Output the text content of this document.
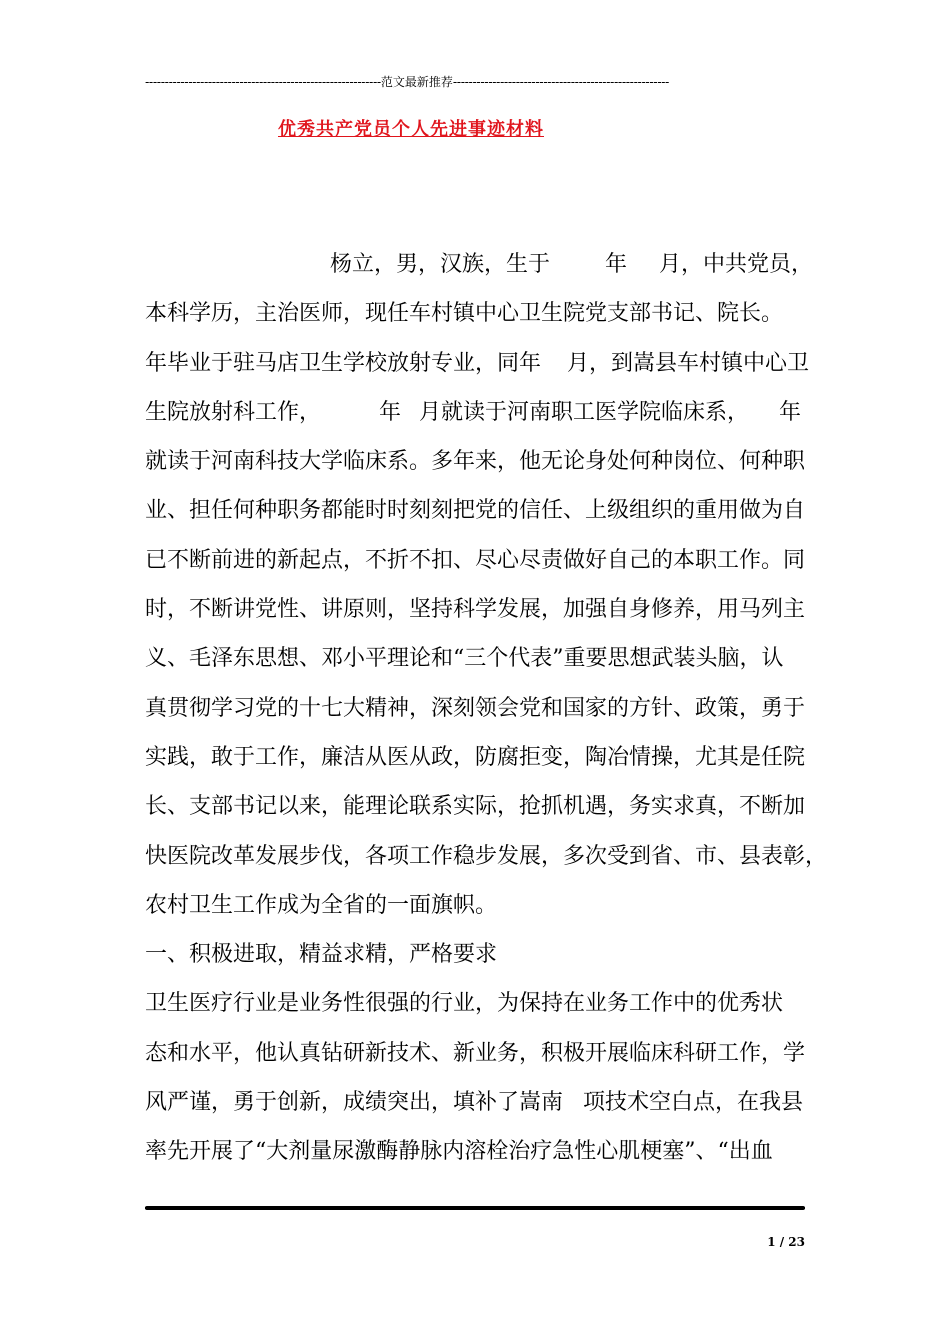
------------------------------------------------------------范文最新推荐-------------------------------------------------------
优秀共产党员个人先进事迹材料
杨立，男，汉族，生于	年 月，中共党员，
本科学历，主治医师，现任车村镇中心卫生院党支部书记、院长。
年毕业于驻马店卫生学校放射专业，同年 月，到嵩县车村镇中心卫
生院放射科工作，	年 月就读于河南职工医学院临床系， 年
就读于河南科技大学临床系。多年来，他无论身处何种岗位、何种职
业、担任何种职务都能时时刻刻把党的信任、上级组织的重用做为自
已不断前进的新起点，不折不扣、尽心尽责做好自己的本职工作。同
时，不断讲党性、讲原则，坚持科学发展，加强自身修养，用马列主
义、毛泽东思想、邓小平理论和“三个代表”重要思想武装头脑，认
真贯彻学习党的十七大精神，深刻领会党和国家的方针、政策，勇于
实践，敢于工作，廉洁从医从政，防腐拒变，陶冶情操，尤其是任院
长、支部书记以来，能理论联系实际，抢抓机遇，务实求真，不断加
快医院改革发展步伐，各项工作稳步发展，多次受到省、市、县表彰，
农村卫生工作成为全省的一面旗帜。
一、积极进取，精益求精，严格要求
卫生医疗行业是业务性很强的行业，为保持在业务工作中的优秀状
态和水平，他认真钻研新技术、新业务，积极开展临床科研工作，学
风严谨，勇于创新，成绩突出，填补了嵩南 项技术空白点，在我县
率先开展了“大剂量尿激酶静脉内溶栓治疗急性心肌梗塞”、“出血
1 / 23
